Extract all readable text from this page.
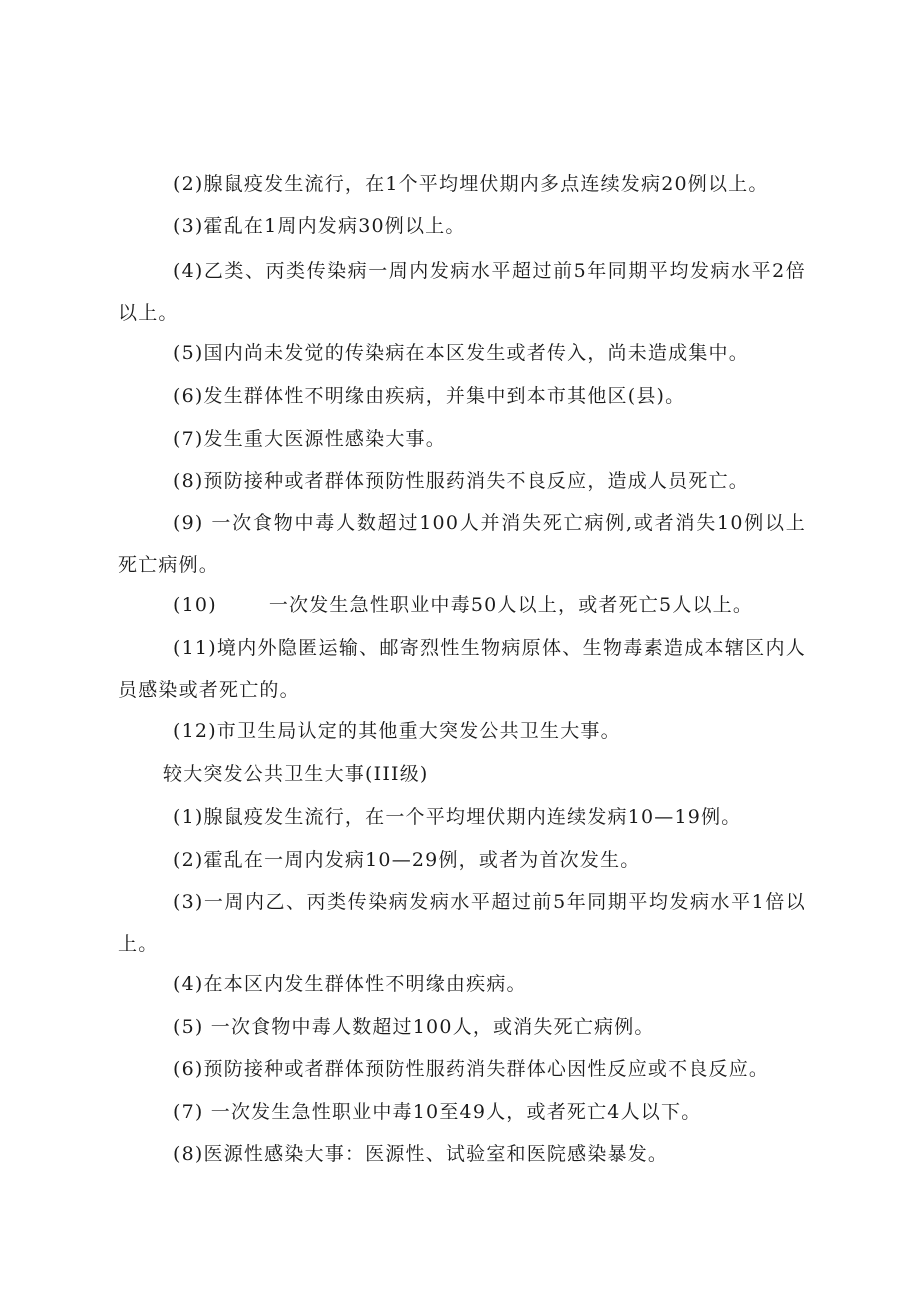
(2)腺鼠疫发生流行，在1个平均埋伏期内多点连续发病20例以上。

(3)霍乱在1周内发病30例以上。

(4)乙类、丙类传染病一周内发病水平超过前5年同期平均发病水平2倍以上。

(5)国内尚未发觉的传染病在本区发生或者传入，尚未造成集中。

(6)发生群体性不明缘由疾病，并集中到本市其他区(县)。

(7)发生重大医源性感染大事。

(8)预防接种或者群体预防性服药消失不良反应，造成人员死亡。

(9) 一次食物中毒人数超过100人并消失死亡病例,或者消失10例以上死亡病例。

(10)	一次发生急性职业中毒50人以上，或者死亡5人以上。

(11)境内外隐匿运输、邮寄烈性生物病原体、生物毒素造成本辖区内人员感染或者死亡的。

(12)市卫生局认定的其他重大突发公共卫生大事。

较大突发公共卫生大事(III级)

(1)腺鼠疫发生流行，在一个平均埋伏期内连续发病10—19例。

(2)霍乱在一周内发病10—29例，或者为首次发生。

(3)一周内乙、丙类传染病发病水平超过前5年同期平均发病水平1倍以上。

(4)在本区内发生群体性不明缘由疾病。

(5) 一次食物中毒人数超过100人，或消失死亡病例。

(6)预防接种或者群体预防性服药消失群体心因性反应或不良反应。

(7) 一次发生急性职业中毒10至49人，或者死亡4人以下。

(8)医源性感染大事：医源性、试验室和医院感染暴发。
